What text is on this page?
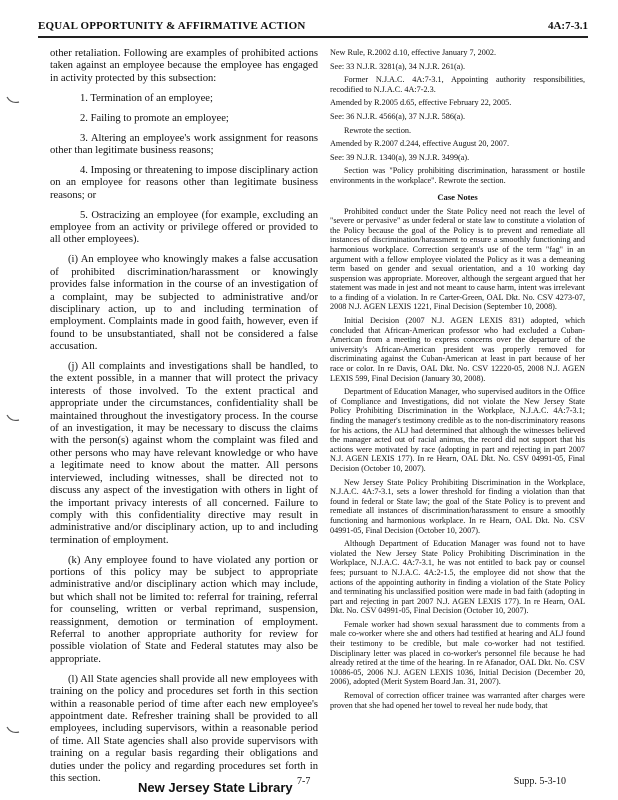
EQUAL OPPORTUNITY & AFFIRMATIVE ACTION	4A:7-3.1

other retaliation. Following are examples of prohibited actions taken against an employee because the employee has engaged in activity protected by this subsection:

1. Termination of an employee;

2. Failing to promote an employee;

3. Altering an employee's work assignment for reasons other than legitimate business reasons;

4. Imposing or threatening to impose disciplinary action on an employee for reasons other than legitimate business reasons; or

5. Ostracizing an employee (for example, excluding an employee from an activity or privilege offered or provided to all other employees).

(i) An employee who knowingly makes a false accusation of prohibited discrimination/harassment or knowingly provides false information in the course of an investigation of a complaint, may be subjected to administrative and/or disciplinary action, up to and including termination of employment. Complaints made in good faith, however, even if found to be unsubstantiated, shall not be considered a false accusation.

(j) All complaints and investigations shall be handled, to the extent possible, in a manner that will protect the privacy interests of those involved. To the extent practical and appropriate under the circumstances, confidentiality shall be maintained throughout the investigatory process. In the course of an investigation, it may be necessary to discuss the claims with the person(s) against whom the complaint was filed and other persons who may have relevant knowledge or who have a legitimate need to know about the matter. All persons interviewed, including witnesses, shall be directed not to discuss any aspect of the investigation with others in light of the important privacy interests of all concerned. Failure to comply with this confidentiality directive may result in administrative and/or disciplinary action, up to and including termination of employment.

(k) Any employee found to have violated any portion or portions of this policy may be subject to appropriate administrative and/or disciplinary action which may include, but which shall not be limited to: referral for training, referral for counseling, written or verbal reprimand, suspension, reassignment, demotion or termination of employment. Referral to another appropriate authority for review for possible violation of State and Federal statutes may also be appropriate.

(l) All State agencies shall provide all new employees with training on the policy and procedures set forth in this section within a reasonable period of time after each new employee's appointment date. Refresher training shall be provided to all employees, including supervisors, within a reasonable period of time. All State agencies shall also provide supervisors with training on a regular basis regarding their obligations and duties under the policy and regarding procedures set forth in this section.

New Rule, R.2002 d.10, effective January 7, 2002.

See: 33 N.J.R. 3281(a), 34 N.J.R. 261(a).

Former N.J.A.C. 4A:7-3.1, Appointing authority responsibilities, recodified to N.J.A.C. 4A:7-2.3.

Amended by R.2005 d.65, effective February 22, 2005.

See: 36 N.J.R. 4566(a), 37 N.J.R. 586(a).

Rewrote the section.

Amended by R.2007 d.244, effective August 20, 2007.

See: 39 N.J.R. 1340(a), 39 N.J.R. 3499(a).

Section was "Policy prohibiting discrimination, harassment or hostile environments in the workplace". Rewrote the section.

Case Notes

Prohibited conduct under the State Policy need not reach the level of "severe or pervasive" as under federal or state law to constitute a violation of the Policy because the goal of the Policy is to prevent and remediate all instances of discrimination/harassment to ensure a smoothly functioning and harmonious workplace. Correction sergeant's use of the term "fag" in an argument with a fellow employee violated the Policy as it was a demeaning term based on gender and sexual orientation, and a 10 working day suspension was appropriate. Moreover, although the sergeant argued that her statement was made in jest and not meant to cause harm, intent was irrelevant to a finding of a violation. In re Carter-Green, OAL Dkt. No. CSV 4273-07, 2008 N.J. AGEN LEXIS 1221, Final Decision (September 10, 2008).

Initial Decision (2007 N.J. AGEN LEXIS 831) adopted, which concluded that African-American professor who had excluded a Cuban-American from a meeting to express concerns over the departure of the university's African-American president was properly removed for discriminating against the Cuban-American at least in part because of her race or color. In re Davis, OAL Dkt. No. CSV 12220-05, 2008 N.J. AGEN LEXIS 599, Final Decision (January 30, 2008).

Department of Education Manager, who supervised auditors in the Office of Compliance and Investigations, did not violate the New Jersey State Policy Prohibiting Discrimination in the Workplace, N.J.A.C. 4A:7-3.1; finding the manager's testimony credible as to the non-discriminatory reasons for his actions, the ALJ had determined that although the witnesses believed the manager acted out of racial animus, the record did not support that his actions were motivated by race (adopting in part and rejecting in part 2007 N.J. AGEN LEXIS 177). In re Hearn, OAL Dkt. No. CSV 04991-05, Final Decision (October 10, 2007).

New Jersey State Policy Prohibiting Discrimination in the Workplace, N.J.A.C. 4A:7-3.1, sets a lower threshold for finding a violation than that found in federal or State law; the goal of the State Policy is to prevent and remediate all instances of discrimination/harassment to ensure a smoothly functioning and harmonious workplace. In re Hearn, OAL Dkt. No. CSV 04991-05, Final Decision (October 10, 2007).

Although Department of Education Manager was found not to have violated the New Jersey State Policy Prohibiting Discrimination in the Workplace, N.J.A.C. 4A:7-3.1, he was not entitled to back pay or counsel fees; pursuant to N.J.A.C. 4A:2-1.5, the employee did not show that the actions of the appointing authority in finding a violation of the State Policy and terminating his unclassified position were made in bad faith (adopting in part and rejecting in part 2007 N.J. AGEN LEXIS 177). In re Hearn, OAL Dkt. No. CSV 04991-05, Final Decision (October 10, 2007).

Female worker had shown sexual harassment due to comments from a male co-worker where she and others had testified at hearing and ALJ found their testimony to be credible, but male co-worker had not testified. Disciplinary letter was placed in co-worker's personnel file because he had already retired at the time of the hearing. In re Afanador, OAL Dkt. No. CSV 10086-05, 2006 N.J. AGEN LEXIS 1036, Initial Decision (December 20, 2006), adopted (Merit System Board Jan. 31, 2007).

Removal of correction officer trainee was warranted after charges were proven that she had opened her towel to reveal her nude body, that

New Jersey State Library 7-7	Supp. 5-3-10
